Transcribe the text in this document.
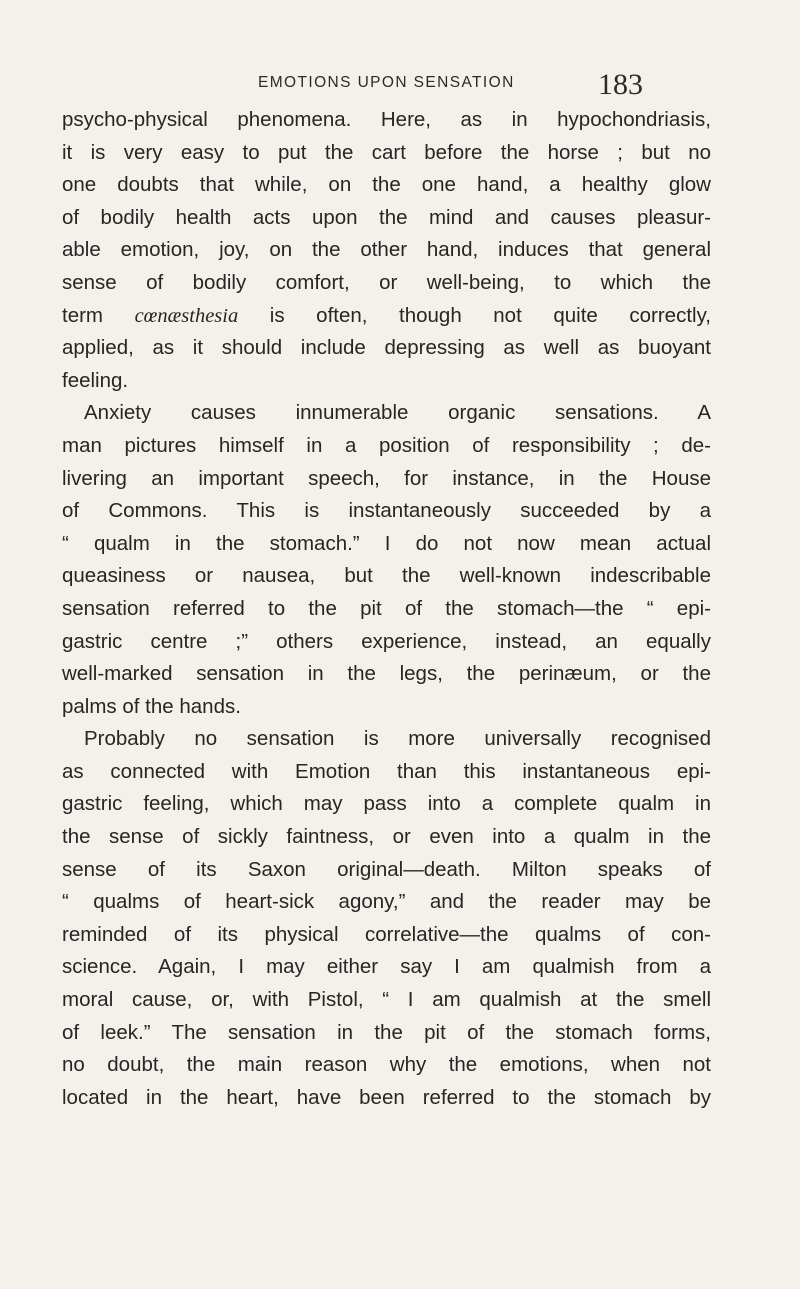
EMOTIONS UPON SENSATION	183
psycho-physical phenomena. Here, as in hypochondriasis,
it is very easy to put the cart before the horse ; but no
one doubts that while, on the one hand, a healthy glow
of bodily health acts upon the mind and causes pleasur-
able emotion, joy, on the other hand, induces that general
sense of bodily comfort, or well-being, to which the
term cœnæsthesia is often, though not quite correctly,
applied, as it should include depressing as well as buoyant
feeling.
Anxiety causes innumerable organic sensations. A
man pictures himself in a position of responsibility ; de-
livering an important speech, for instance, in the House
of Commons. This is instantaneously succeeded by a
“ qualm in the stomach.” I do not now mean actual
queasiness or nausea, but the well-known indescribable
sensation referred to the pit of the stomach—the “ epi-
gastric centre ;” others experience, instead, an equally
well-marked sensation in the legs, the perinæum, or the
palms of the hands.
Probably no sensation is more universally recognised
as connected with Emotion than this instantaneous epi-
gastric feeling, which may pass into a complete qualm in
the sense of sickly faintness, or even into a qualm in the
sense of its Saxon original—death. Milton speaks of
“ qualms of heart-sick agony,” and the reader may be
reminded of its physical correlative—the qualms of con-
science. Again, I may either say I am qualmish from a
moral cause, or, with Pistol, “ I am qualmish at the smell
of leek.” The sensation in the pit of the stomach forms,
no doubt, the main reason why the emotions, when not
located in the heart, have been referred to the stomach by
